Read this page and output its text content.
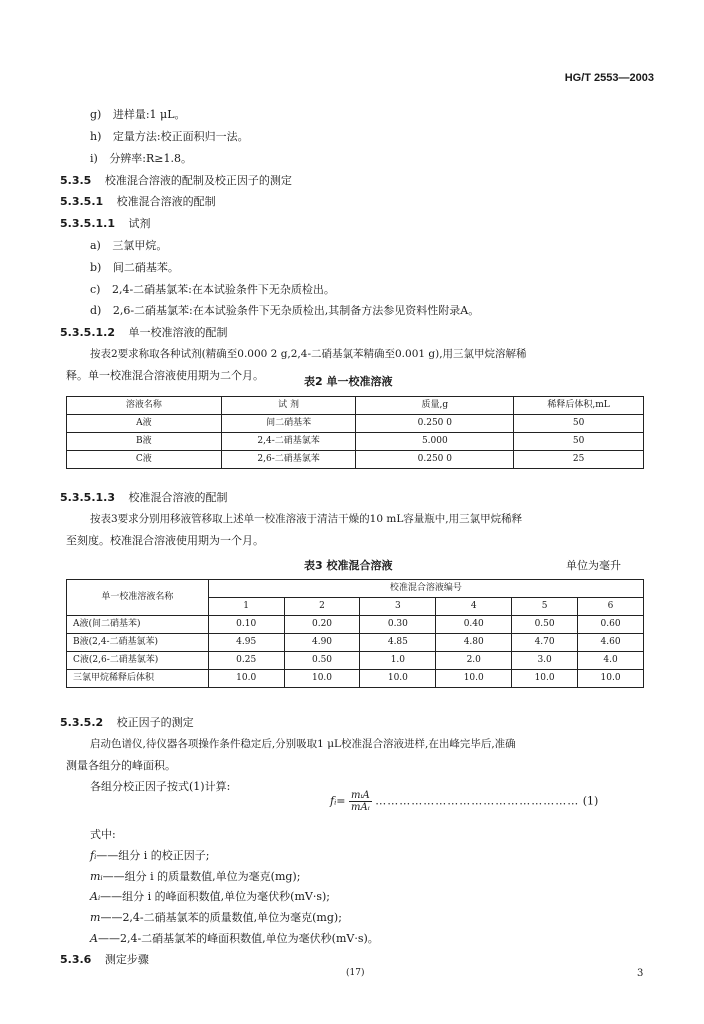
HG/T 2553—2003
g) 进样量:1 μL。
h) 定量方法:校正面积归一法。
i) 分辨率:R≥1.8。
5.3.5 校准混合溶液的配制及校正因子的测定
5.3.5.1 校准混合溶液的配制
5.3.5.1.1 试剂
a) 三氯甲烷。
b) 间二硝基苯。
c) 2,4-二硝基氯苯:在本试验条件下无杂质检出。
d) 2,6-二硝基氯苯:在本试验条件下无杂质检出,其制备方法参见资料性附录A。
5.3.5.1.2 单一校准溶液的配制
按表2要求称取各种试剂(精确至0.000 2 g,2,4-二硝基氯苯精确至0.001 g),用三氯甲烷溶解稀
释。单一校准混合溶液使用期为二个月。	表2 单一校准溶液
溶液名称	试 剂	质量,g	稀释后体积,mL
A液	间二硝基苯	0.250 0	50
B液	2,4-二硝基氯苯	5.000	50
C液	2,6-二硝基氯苯	0.250 0	25
5.3.5.1.3 校准混合溶液的配制
按表3要求分别用移液管移取上述单一校准溶液于清洁干燥的10 mL容量瓶中,用三氯甲烷稀释
至刻度。校准混合溶液使用期为一个月。
表3 校准混合溶液	单位为毫升
单一校准溶液名称	校准混合溶液编号					
	1	2	3	4	5	6
A液(间二硝基苯)	0.10	0.20	0.30	0.40	0.50	0.60
B液(2,4-二硝基氯苯)	4.95	4.90	4.85	4.80	4.70	4.60
C液(2,6-二硝基氯苯)	0.25	0.50	1.0	2.0	3.0	4.0
三氯甲烷稀释后体积	10.0	10.0	10.0	10.0	10.0	10.0
5.3.5.2 校正因子的测定
启动色谱仪,待仪器各项操作条件稳定后,分别吸取1 μL校准混合溶液进样,在出峰完毕后,准确
测量各组分的峰面积。
各组分校正因子按式(1)计算:
fᵢ= $\frac{\text{mᵢA}}{\text{mAᵢ}}$ …………………………………………… (1)
式中:
fᵢ——组分 i 的校正因子;
mᵢ——组分 i 的质量数值,单位为毫克(mg);
Aᵢ——组分 i 的峰面积数值,单位为毫伏秒(mV·s);
m——2,4-二硝基氯苯的质量数值,单位为毫克(mg);
A——2,4-二硝基氯苯的峰面积数值,单位为毫伏秒(mV·s)。
5.3.6 测定步骤
(17)	3
